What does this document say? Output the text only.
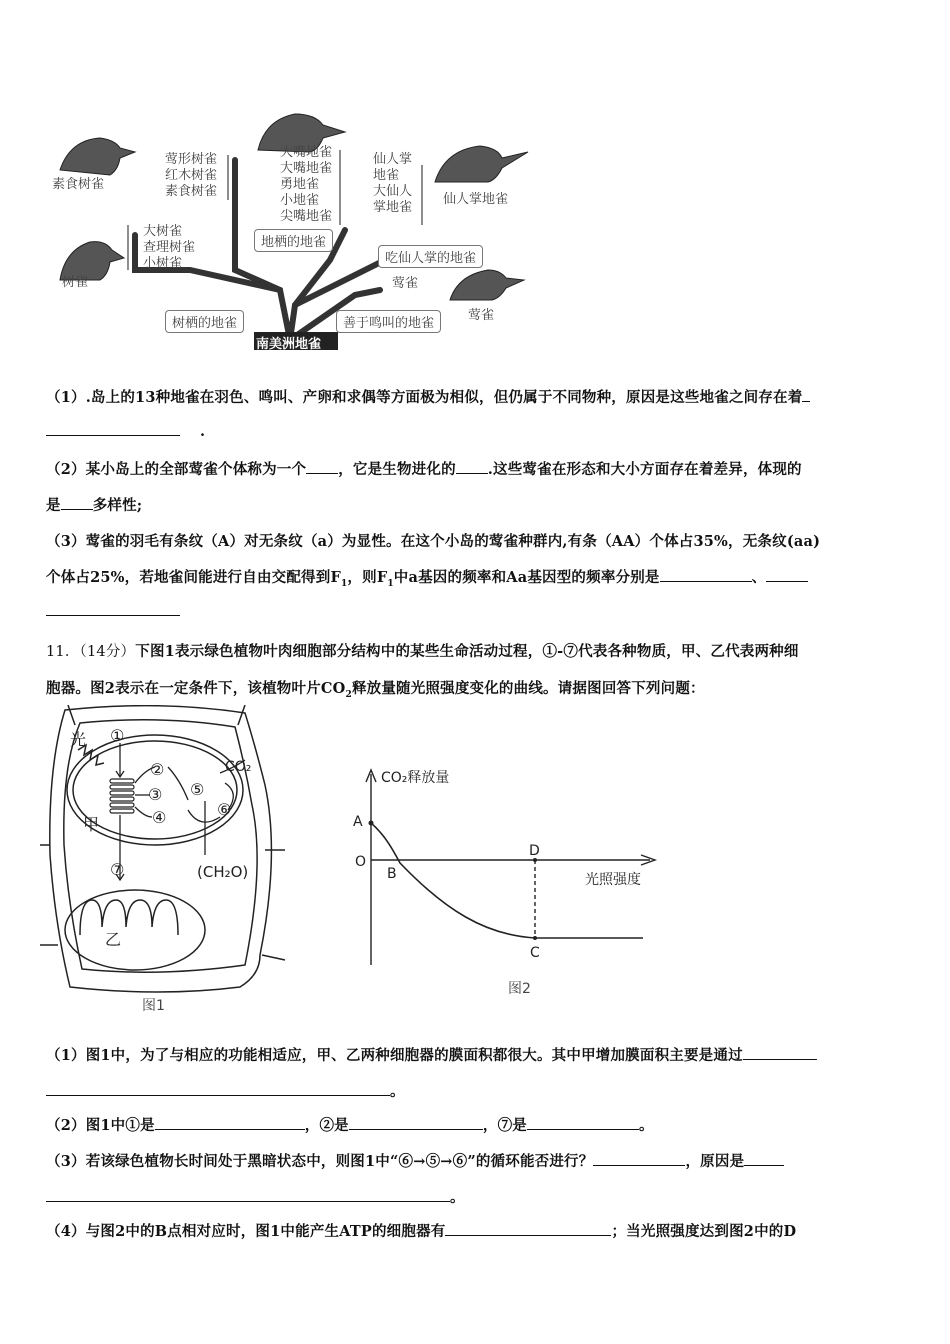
素食树雀
树雀
仙人掌地雀
莺雀
莺形树雀
红木树雀
素食树雀
大树雀
查理树雀
小树雀
大嘴地雀
大嘴地雀
勇地雀
小地雀
尖嘴地雀
仙人掌
地雀
大仙人
掌地雀
莺雀
地栖的地雀
吃仙人掌的地雀
树栖的地雀	善于鸣叫的地雀
南美洲地雀
（1）.岛上的13种地雀在羽色、鸣叫、产卵和求偶等方面极为相似，但仍属于不同物种，原因是这些地雀之间存在着
.
（2）某小岛上的全部莺雀个体称为一个 ，它是生物进化的 .这些莺雀在形态和大小方面存在着差异，体现的
是 多样性;
（3）莺雀的羽毛有条纹（A）对无条纹（a）为显性。在这个小岛的莺雀种群内,有条（AA）个体占35%，无条纹(aa)
个体占25%，若地雀间能进行自由交配得到$F_1$，则$F_1$中a基因的频率和Aa基因型的频率分别是	、
11．（14分）下图1表示绿色植物叶肉细胞部分结构中的某些生命活动过程，①-⑦代表各种物质，甲、乙代表两种细
胞器。图2表示在一定条件下，该植物叶片$CO_2$释放量随光照强度变化的曲线。请据图回答下列问题：
光 ①
②
③
④
⑤
⑥
⑦
甲
乙
CO₂
(CH₂O)
图1
CO₂释放量
光照强度
A
O
B
D
C
图2
（1）图1中，为了与相应的功能相适应，甲、乙两种细胞器的膜面积都很大。其中甲增加膜面积主要是通过
。
（2）图1中①是	，②是	，⑦是	。
（3）若该绿色植物长时间处于黑暗状态中，则图1中“⑥→⑤→⑥”的循环能否进行？	，原因是
。
（4）与图2中的B点相对应时，图1中能产生ATP的细胞器有	；当光照强度达到图2中的D
